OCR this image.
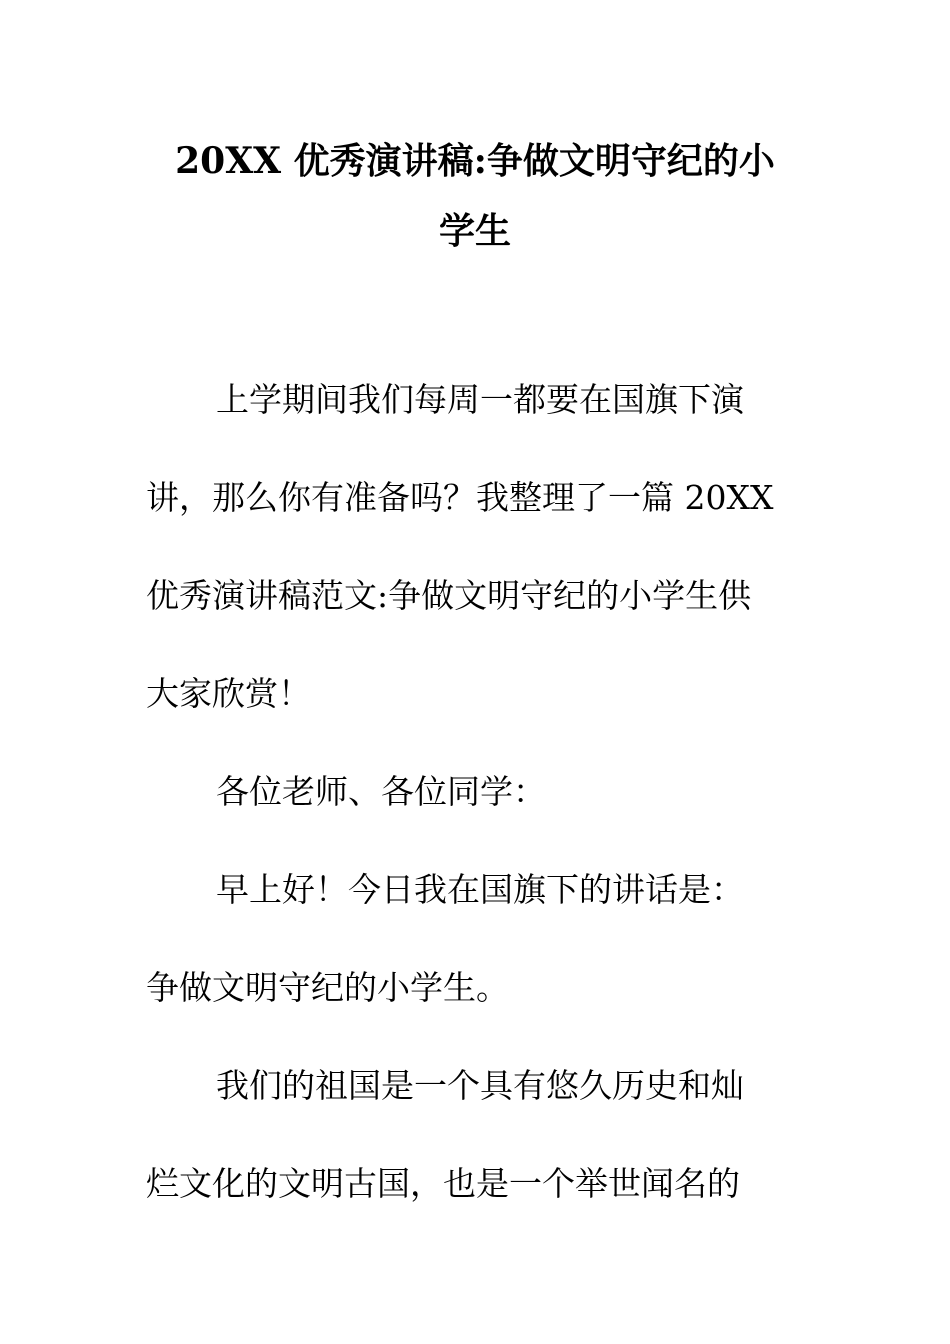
20XX 优秀演讲稿:争做文明守纪的小
学生
上学期间我们每周一都要在国旗下演
讲，那么你有准备吗？我整理了一篇 20XX
优秀演讲稿范文:争做文明守纪的小学生供
大家欣赏！
各位老师、各位同学：
早上好！今日我在国旗下的讲话是：
争做文明守纪的小学生。
我们的祖国是一个具有悠久历史和灿
烂文化的文明古国，也是一个举世闻名的
